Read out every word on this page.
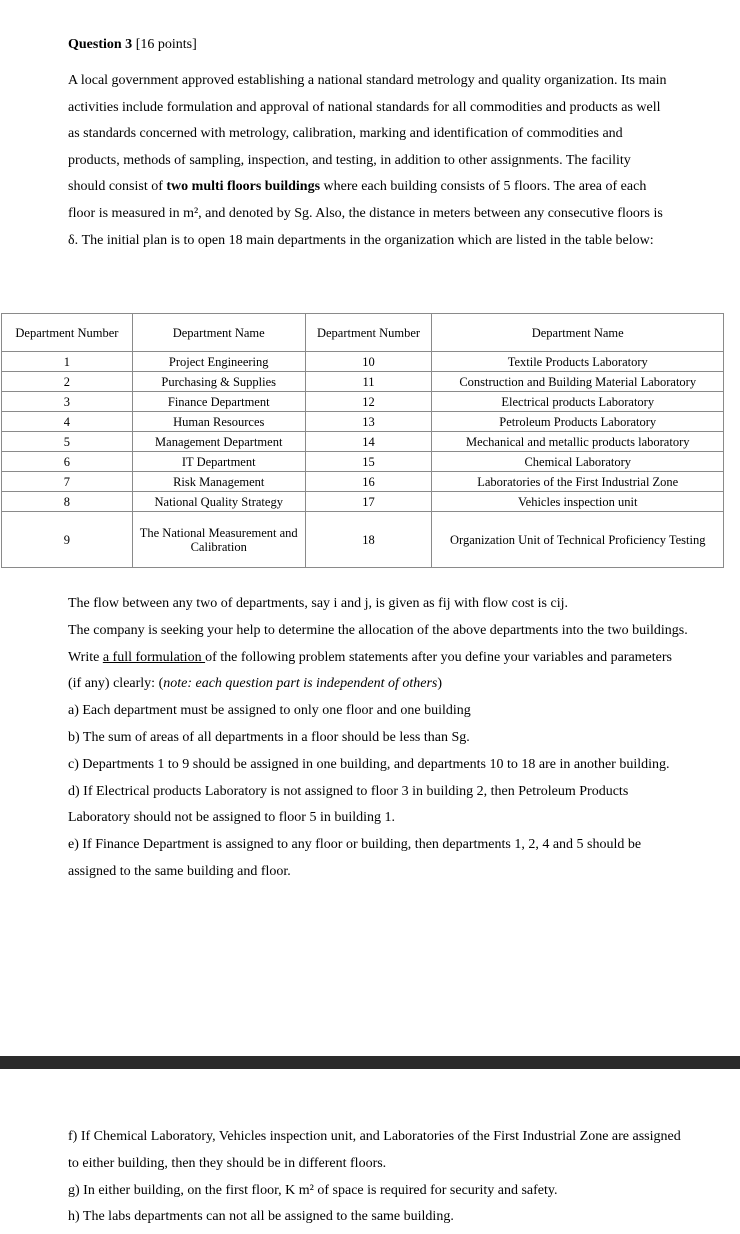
Question 3 [16 points]

A local government approved establishing a national standard metrology and quality organization. Its main activities include formulation and approval of national standards for all commodities and products as well as standards concerned with metrology, calibration, marking and identification of commodities and products, methods of sampling, inspection, and testing, in addition to other assignments. The facility should consist of two multi floors buildings where each building consists of 5 floors. The area of each floor is measured in m², and denoted by Sg. Also, the distance in meters between any consecutive floors is δ. The initial plan is to open 18 main departments in the organization which are listed in the table below:

Department Number	Department Name	Department Number	Department Name
1	Project Engineering	10	Textile Products Laboratory
2	Purchasing & Supplies	11	Construction and Building Material Laboratory
3	Finance Department	12	Electrical products Laboratory
4	Human Resources	13	Petroleum Products Laboratory
5	Management Department	14	Mechanical and metallic products laboratory
6	IT Department	15	Chemical Laboratory
7	Risk Management	16	Laboratories of the First Industrial Zone
8	National Quality Strategy	17	Vehicles inspection unit
9	The National Measurement and Calibration	18	Organization Unit of Technical Proficiency Testing

The flow between any two of departments, say i and j, is given as fij with flow cost is cij.

The company is seeking your help to determine the allocation of the above departments into the two buildings.

Write a full formulation of the following problem statements after you define your variables and parameters (if any) clearly: (note: each question part is independent of others)

a) Each department must be assigned to only one floor and one building

b) The sum of areas of all departments in a floor should be less than Sg.

c) Departments 1 to 9 should be assigned in one building, and departments 10 to 18 are in another building.

d) If Electrical products Laboratory is not assigned to floor 3 in building 2, then Petroleum Products Laboratory should not be assigned to floor 5 in building 1.

e) If Finance Department is assigned to any floor or building, then departments 1, 2, 4 and 5 should be assigned to the same building and floor.

f) If Chemical Laboratory, Vehicles inspection unit, and Laboratories of the First Industrial Zone are assigned to either building, then they should be in different floors.

g) In either building, on the first floor, K m² of space is required for security and safety.

h) The labs departments can not all be assigned to the same building.
